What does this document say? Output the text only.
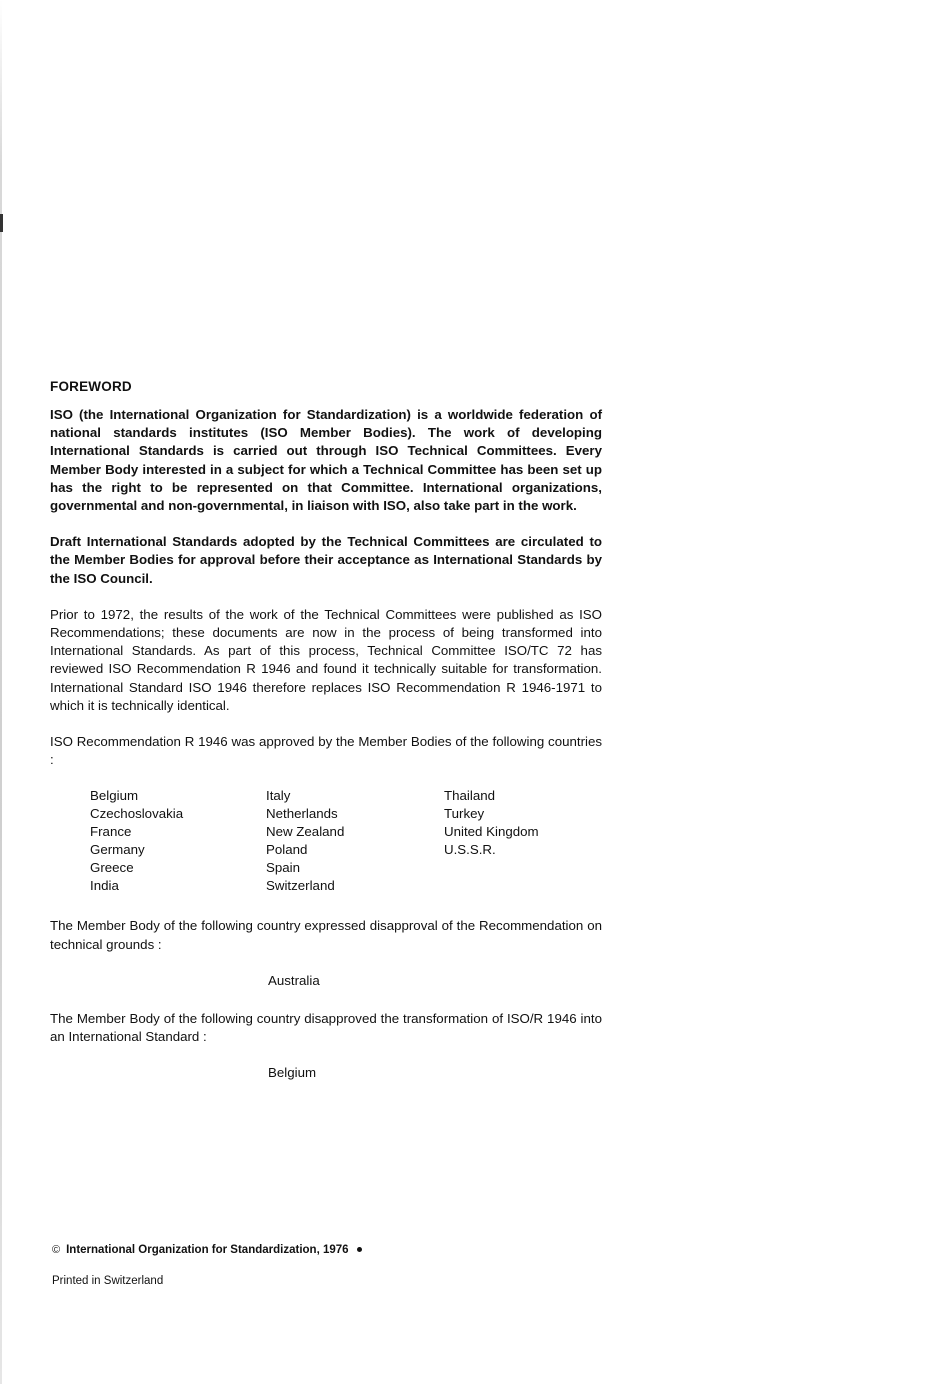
FOREWORD

ISO (the International Organization for Standardization) is a worldwide federation of national standards institutes (ISO Member Bodies). The work of developing International Standards is carried out through ISO Technical Committees. Every Member Body interested in a subject for which a Technical Committee has been set up has the right to be represented on that Committee. International organizations, governmental and non-governmental, in liaison with ISO, also take part in the work.

Draft International Standards adopted by the Technical Committees are circulated to the Member Bodies for approval before their acceptance as International Standards by the ISO Council.

Prior to 1972, the results of the work of the Technical Committees were published as ISO Recommendations; these documents are now in the process of being transformed into International Standards. As part of this process, Technical Committee ISO/TC 72 has reviewed ISO Recommendation R 1946 and found it technically suitable for transformation. International Standard ISO 1946 therefore replaces ISO Recommendation R 1946-1971 to which it is technically identical.

ISO Recommendation R 1946 was approved by the Member Bodies of the following countries :

Belgium
Czechoslovakia
France
Germany
Greece
India
Italy
Netherlands
New Zealand
Poland
Spain
Switzerland
Thailand
Turkey
United Kingdom
U.S.S.R.

The Member Body of the following country expressed disapproval of the Recommendation on technical grounds :

Australia

The Member Body of the following country disapproved the transformation of ISO/R 1946 into an International Standard :

Belgium
© International Organization for Standardization, 1976
Printed in Switzerland
